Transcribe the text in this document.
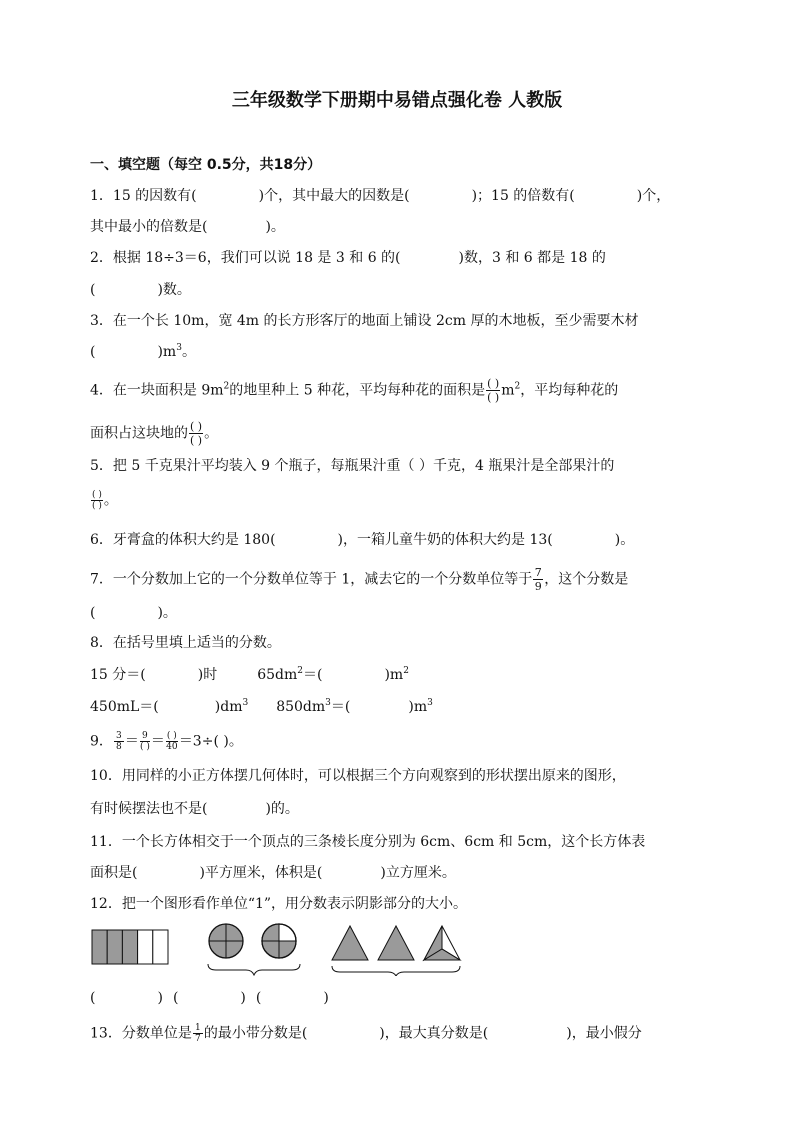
三年级数学下册期中易错点强化卷 人教版
一、填空题（每空 0.5分，共18分）
1．15 的因数有(	)个，其中最大的因数是(	)；15 的倍数有(	)个，
其中最小的倍数是(	)。
2．根据 18÷3＝6，我们可以说 18 是 3 和 6 的(	)数，3 和 6 都是 18 的
(	)数。
3．在一个长 10m，宽 4m 的长方形客厅的地面上铺设 2cm 厚的木地板，至少需要木材
(	)$m^3$。
4．在一块面积是 $9m^2$的地里种上 5 种花，平均每种花的面积是 $\frac{( )}{( )} m^2$，平均每种花的
面积占这块地的 $\frac{( )}{( )}$ 。
5．把 5 千克果汁平均装入 9 个瓶子，每瓶果汁重（ ）千克，4 瓶果汁是全部果汁的
$\frac{( )}{( )}$ 。
6．牙膏盒的体积大约是 180(	)，一箱儿童牛奶的体积大约是 13(	)。
7．一个分数加上它的一个分数单位等于 1，减去它的一个分数单位等于 $\frac{7}{9}$ ，这个分数是
(	)。
8．在括号里填上适当的分数。
15 分＝(	)时	$65dm^2=$(	)$m^2$
450mL＝(	)$dm^3$ $850dm^3=$(	)$m^3$
9． $\frac{3}{8} = \frac{9}{( )} = \frac{( )}{40} =3\div$( )。
10．用同样的小正方体摆几何体时，可以根据三个方向观察到的形状摆出原来的图形，
有时候摆法也不是(	)的。
11．一个长方体相交于一个顶点的三条棱长度分别为 6cm、6cm 和 5cm，这个长方体表
面积是(	)平方厘米，体积是(	)立方厘米。
12．把一个图形看作单位“1”，用分数表示阴影部分的大小。
(	) (	) (	)
13．分数单位是 $\frac{1}{7}$ 的最小带分数是(	)，最大真分数是(	)，最小假分
